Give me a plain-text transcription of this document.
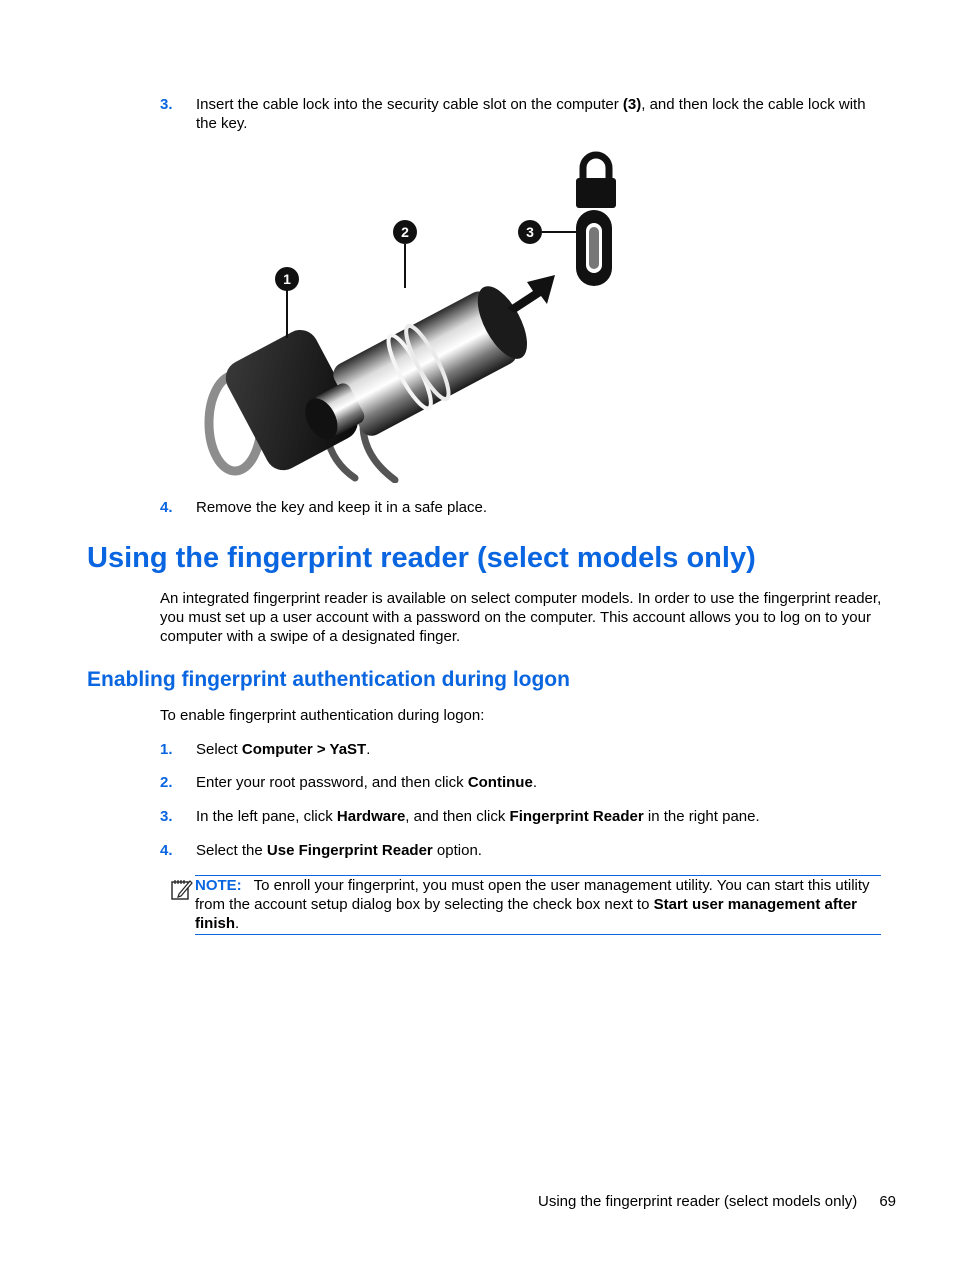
3. Insert the cable lock into the security cable slot on the computer (3), and then lock the cable lock with the key.
1
2	3
4. Remove the key and keep it in a safe place.
Using the fingerprint reader (select models only)
An integrated fingerprint reader is available on select computer models. In order to use the fingerprint reader, you must set up a user account with a password on the computer. This account allows you to log on to your computer with a swipe of a designated finger.
Enabling fingerprint authentication during logon
To enable fingerprint authentication during logon:
1. Select Computer > YaST.
2. Enter your root password, and then click Continue.
3. In the left pane, click Hardware, and then click Fingerprint Reader in the right pane.
4. Select the Use Fingerprint Reader option.
NOTE: To enroll your fingerprint, you must open the user management utility. You can start this utility from the account setup dialog box by selecting the check box next to Start user management after finish.
Using the fingerprint reader (select models only) 69
